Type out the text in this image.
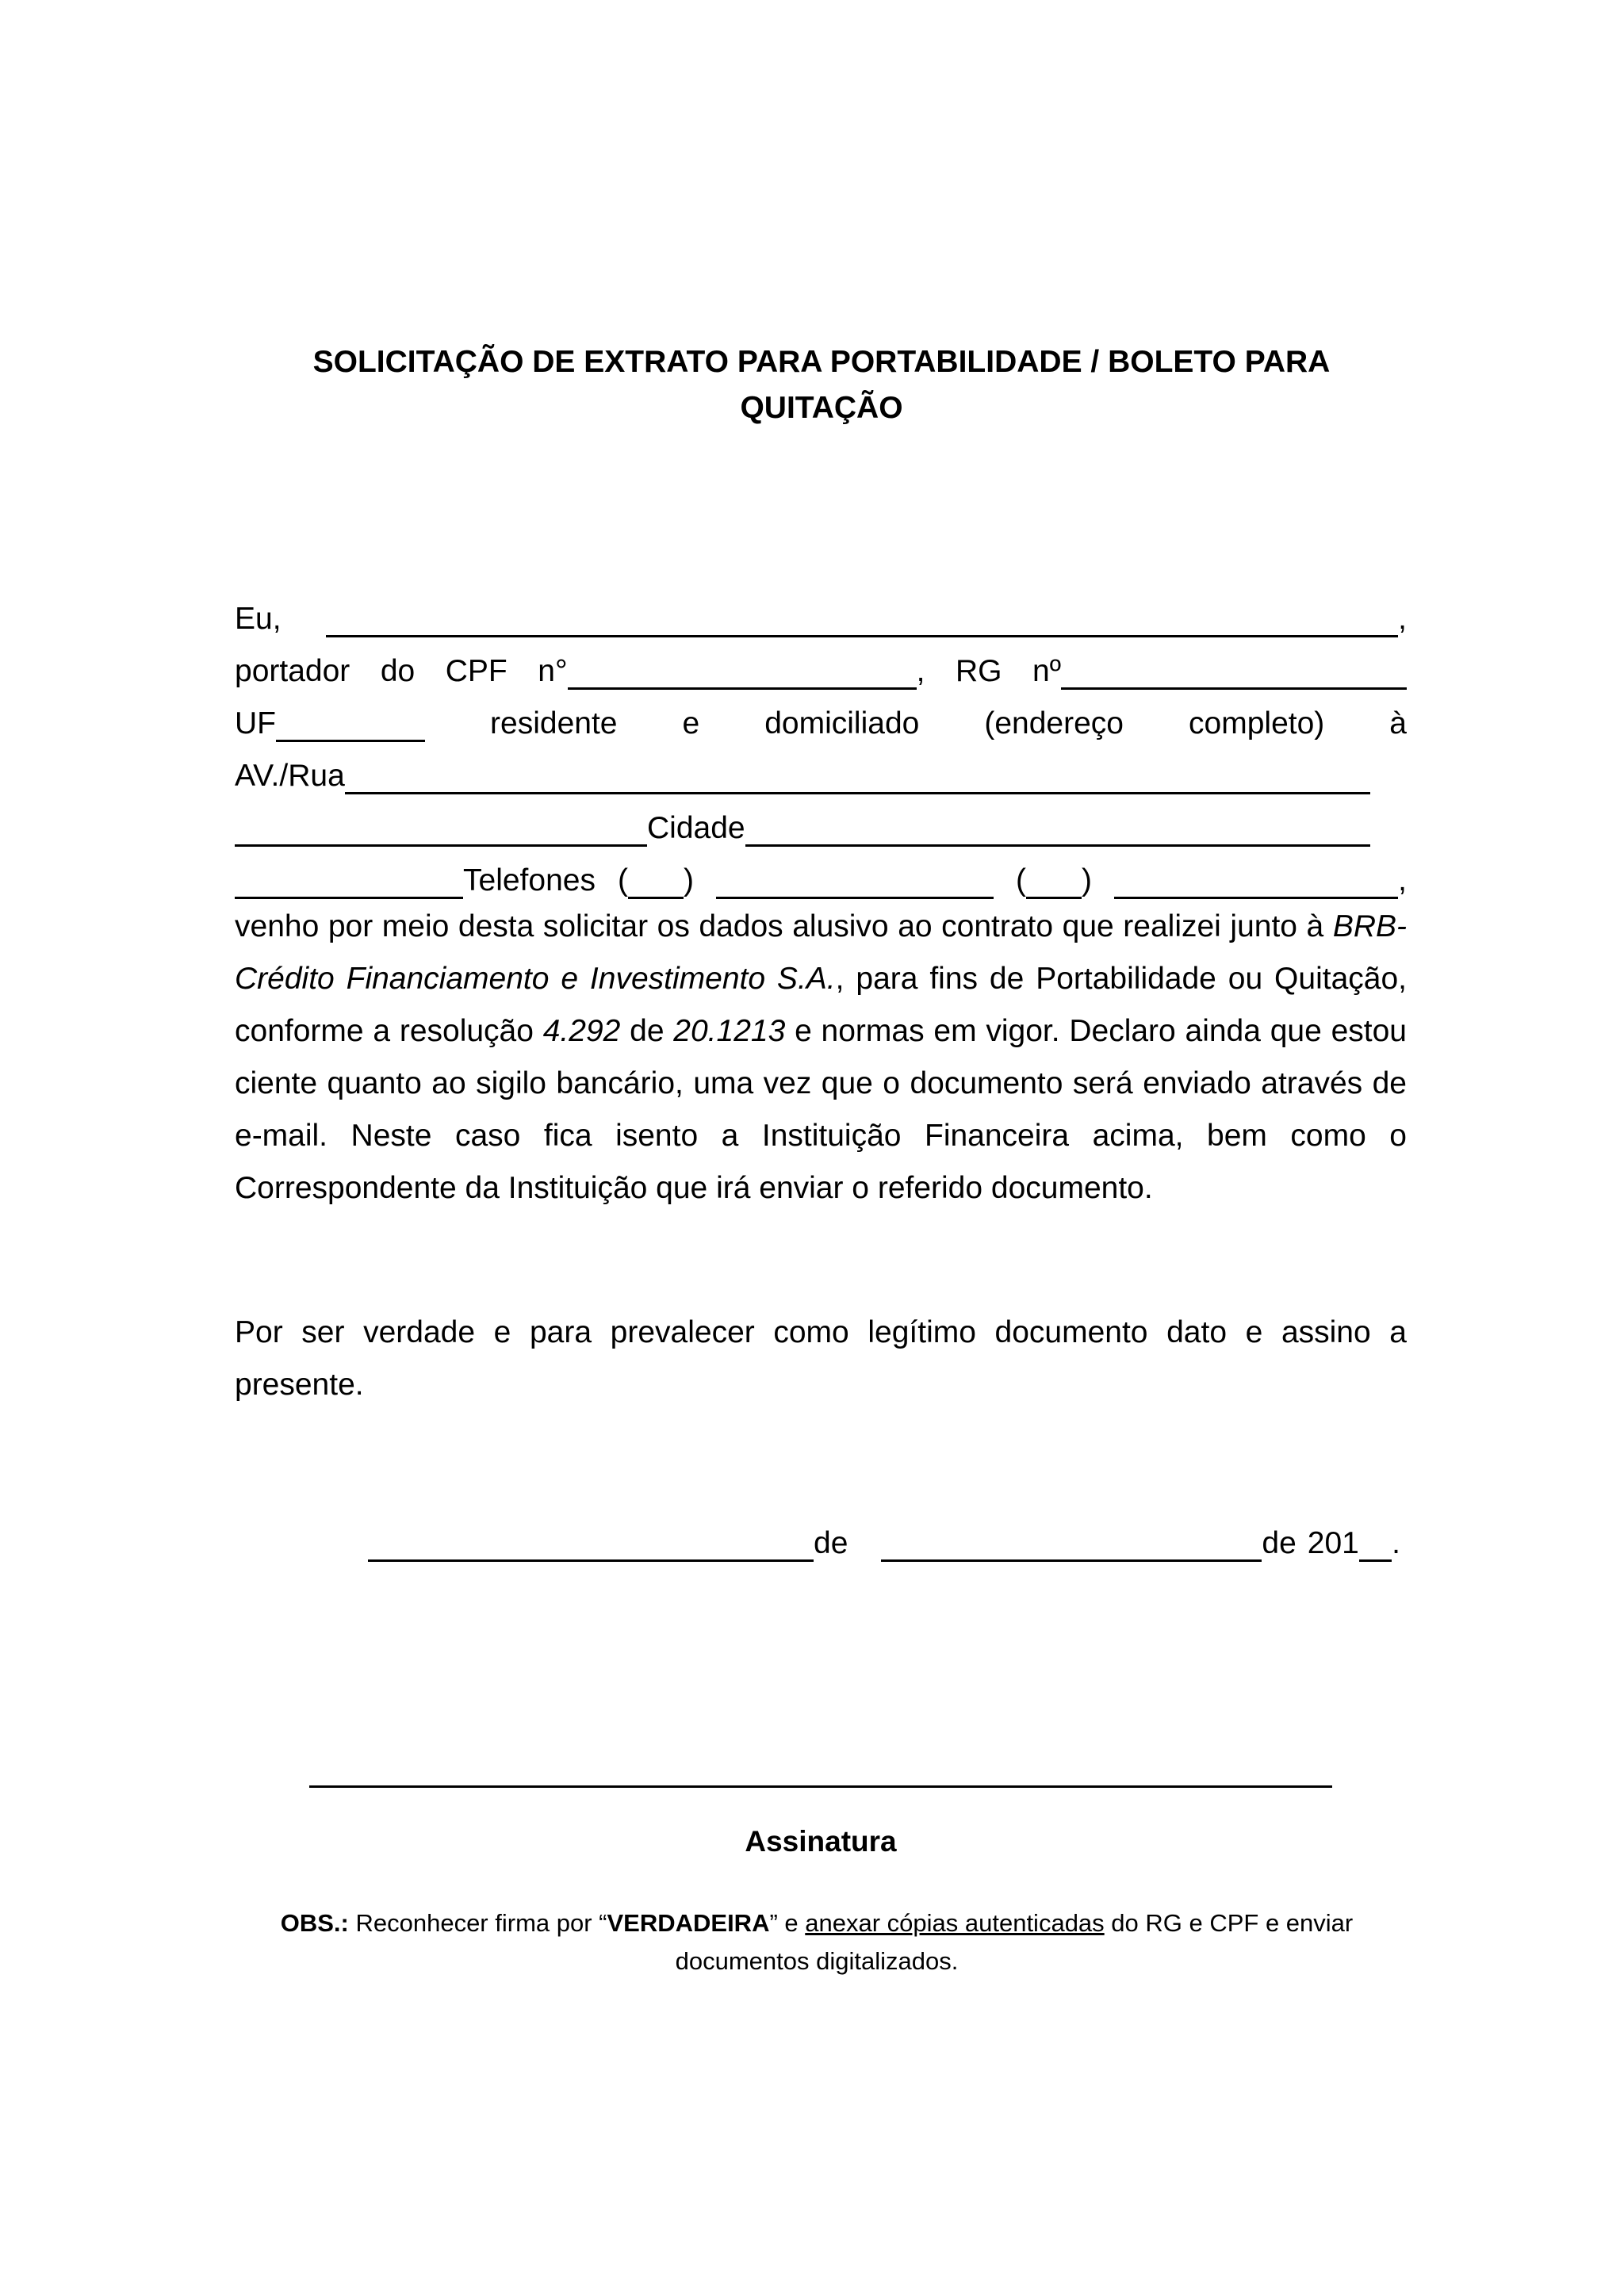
SOLICITAÇÃO DE EXTRATO PARA PORTABILIDADE / BOLETO PARA
QUITAÇÃO
Eu,	,
portador do CPF n°	, RG nº
UF	residente e domiciliado (endereço completo) à
AV./Rua
Cidade
Telefones ( )	( )	,
venho por meio desta solicitar os dados alusivo ao contrato que realizei junto à BRB-Crédito Financiamento e Investimento S.A., para fins de Portabilidade ou Quitação, conforme a resolução 4.292 de 20.1213 e normas em vigor. Declaro ainda que estou ciente quanto ao sigilo bancário, uma vez que o documento será enviado através de e-mail. Neste caso fica isento a Instituição Financeira acima, bem como o Correspondente da Instituição que irá enviar o referido documento.
Por ser verdade e para prevalecer como legítimo documento dato e assino a presente.
de	de 201 .
Assinatura
OBS.: Reconhecer firma por “VERDADEIRA” e anexar cópias autenticadas do RG e CPF e enviar documentos digitalizados.
